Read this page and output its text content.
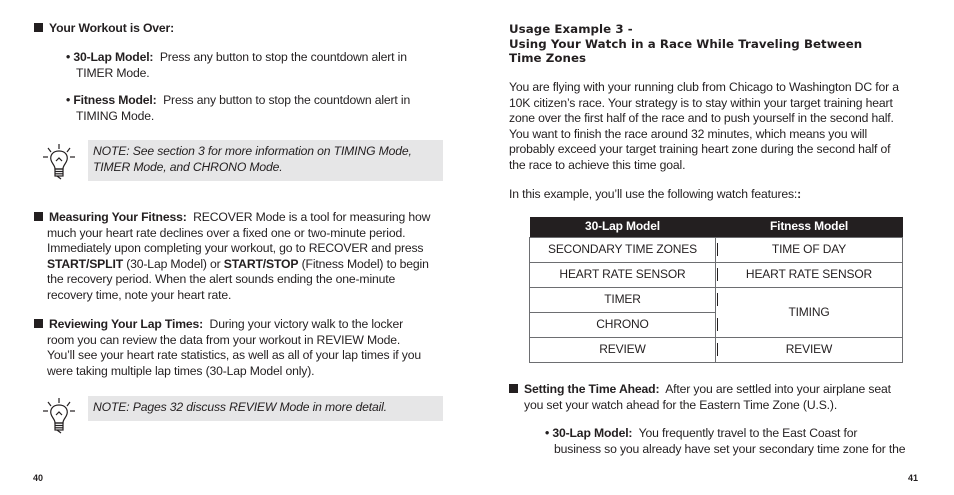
Your Workout is Over:
• 30-Lap Model: Press any button to stop the countdown alert in
TIMER Mode.
• Fitness Model: Press any button to stop the countdown alert in
TIMING Mode.
NOTE: See section 3 for more information on TIMING Mode,
TIMER Mode, and CHRONO Mode.
Measuring Your Fitness: RECOVER Mode is a tool for measuring how
much your heart rate declines over a fixed one or two-minute period.
Immediately upon completing your workout, go to RECOVER and press
START/SPLIT (30-Lap Model) or START/STOP (Fitness Model) to begin
the recovery period. When the alert sounds ending the one-minute
recovery time, note your heart rate.
Reviewing Your Lap Times: During your victory walk to the locker
room you can review the data from your workout in REVIEW Mode.
You’ll see your heart rate statistics, as well as all of your lap times if you
were taking multiple lap times (30-Lap Model only).
NOTE: Pages 32 discuss REVIEW Mode in more detail.
40
Usage Example 3 -
Using Your Watch in a Race While Traveling Between
Time Zones
You are flying with your running club from Chicago to Washington DC for a
10K citizen’s race. Your strategy is to stay within your target training heart
zone over the first half of the race and to push yourself in the second half.
You want to finish the race around 32 minutes, which means you will
probably exceed your target training heart zone during the second half of
the race to achieve this time goal.
In this example, you’ll use the following watch features::
30-Lap Model	Fitness Model
SECONDARY TIME ZONES	TIME OF DAY
HEART RATE SENSOR	HEART RATE SENSOR
TIMER	TIMING
CHRONO	

REVIEW	REVIEW
Setting the Time Ahead: After you are settled into your airplane seat
you set your watch ahead for the Eastern Time Zone (U.S.).
• 30-Lap Model: You frequently travel to the East Coast for
business so you already have set your secondary time zone for the
41
